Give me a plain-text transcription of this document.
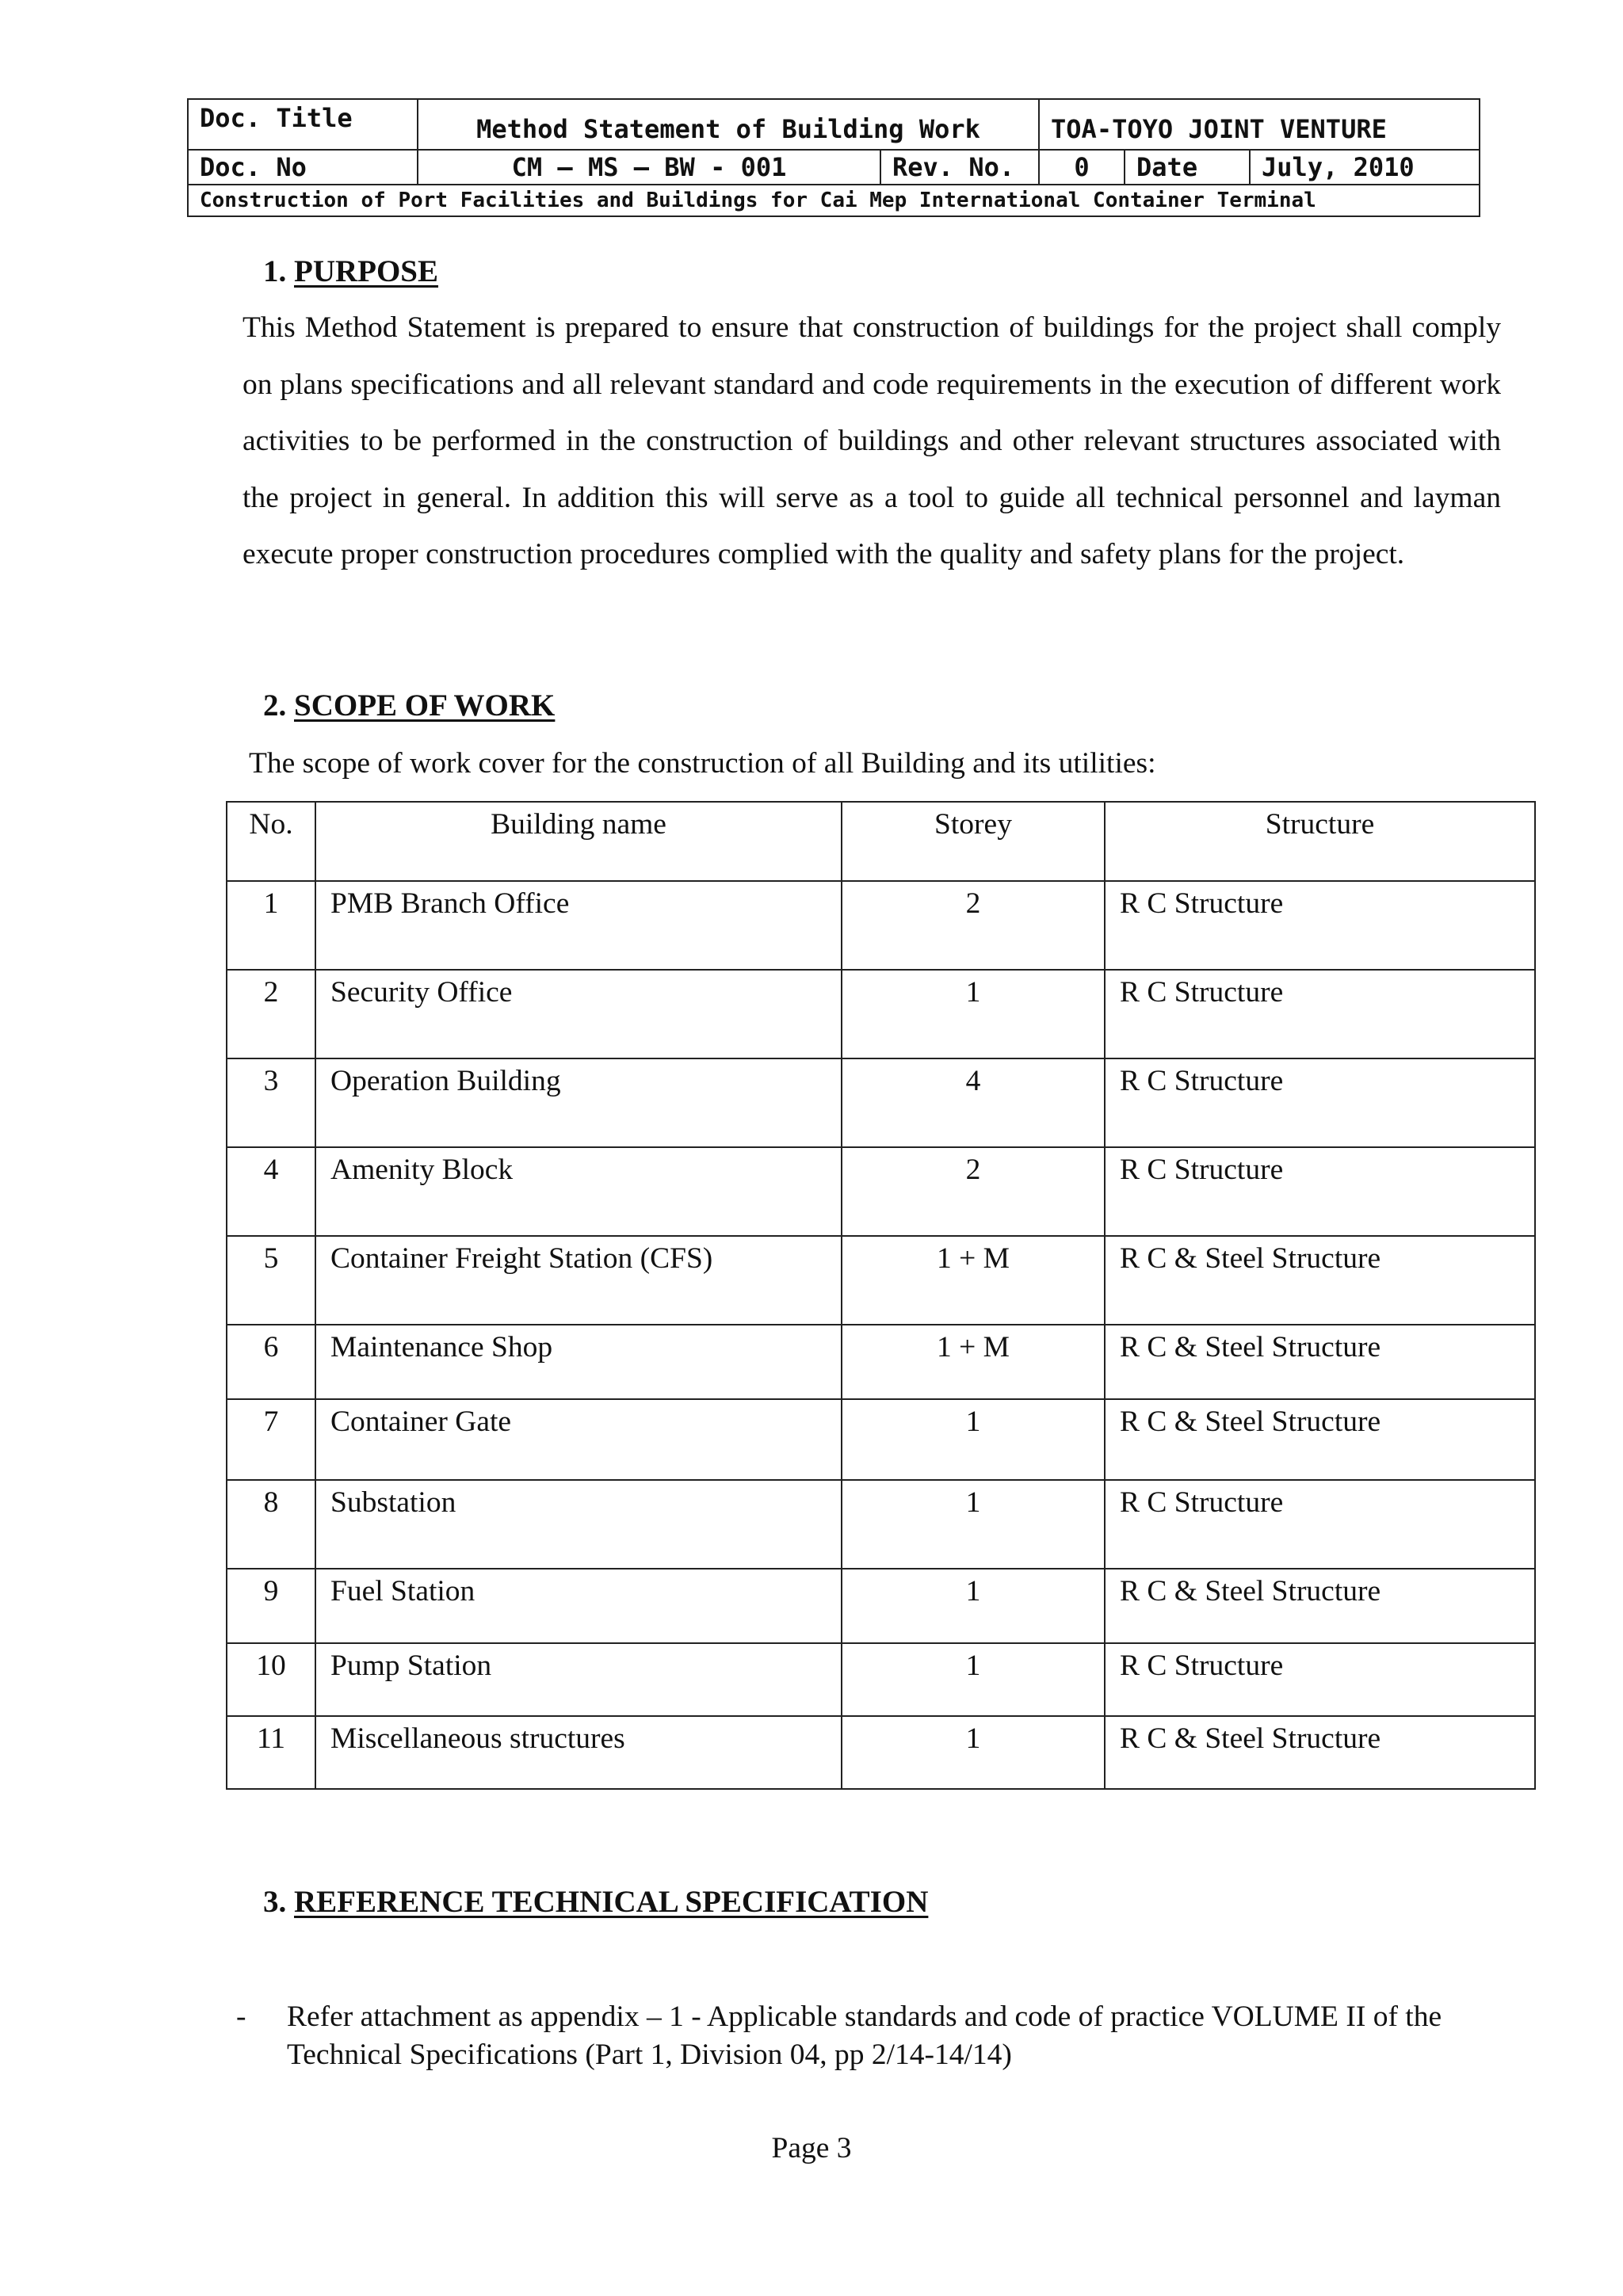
Doc. Title	Method Statement of Building Work		TOA-TOYO JOINT VENTURE		
Doc. No	CM – MS – BW - 001	Rev. No.	0	Date	July, 2010
Construction of Port Facilities and Buildings for Cai Mep International Container Terminal					
1. PURPOSE

This Method Statement is prepared to ensure that construction of buildings for the project shall comply on plans specifications and all relevant standard and code requirements in the execution of different work activities to be performed in the construction of buildings and other relevant structures associated with the project in general. In addition this will serve as a tool to guide all technical personnel and layman execute proper construction procedures complied with the quality and safety plans for the project.

2. SCOPE OF WORK
The scope of work cover for the construction of all Building and its utilities:
No.	Building name	Storey	Structure
1	PMB Branch Office	2	R C Structure
2	Security Office	1	R C Structure
3	Operation Building	4	R C Structure
4	Amenity Block	2	R C Structure
5	Container Freight Station (CFS)	1 + M	R C & Steel Structure
6	Maintenance Shop	1 + M	R C & Steel Structure
7	Container Gate	1	R C & Steel Structure
8	Substation	1	R C Structure
9	Fuel Station	1	R C & Steel Structure
10	Pump Station	1	R C Structure
11	Miscellaneous structures	1	R C & Steel Structure
3. REFERENCE TECHNICAL SPECIFICATION
- Refer attachment as appendix – 1 - Applicable standards and code of practice VOLUME II of the Technical Specifications (Part 1, Division 04, pp 2/14-14/14)
Page 3
